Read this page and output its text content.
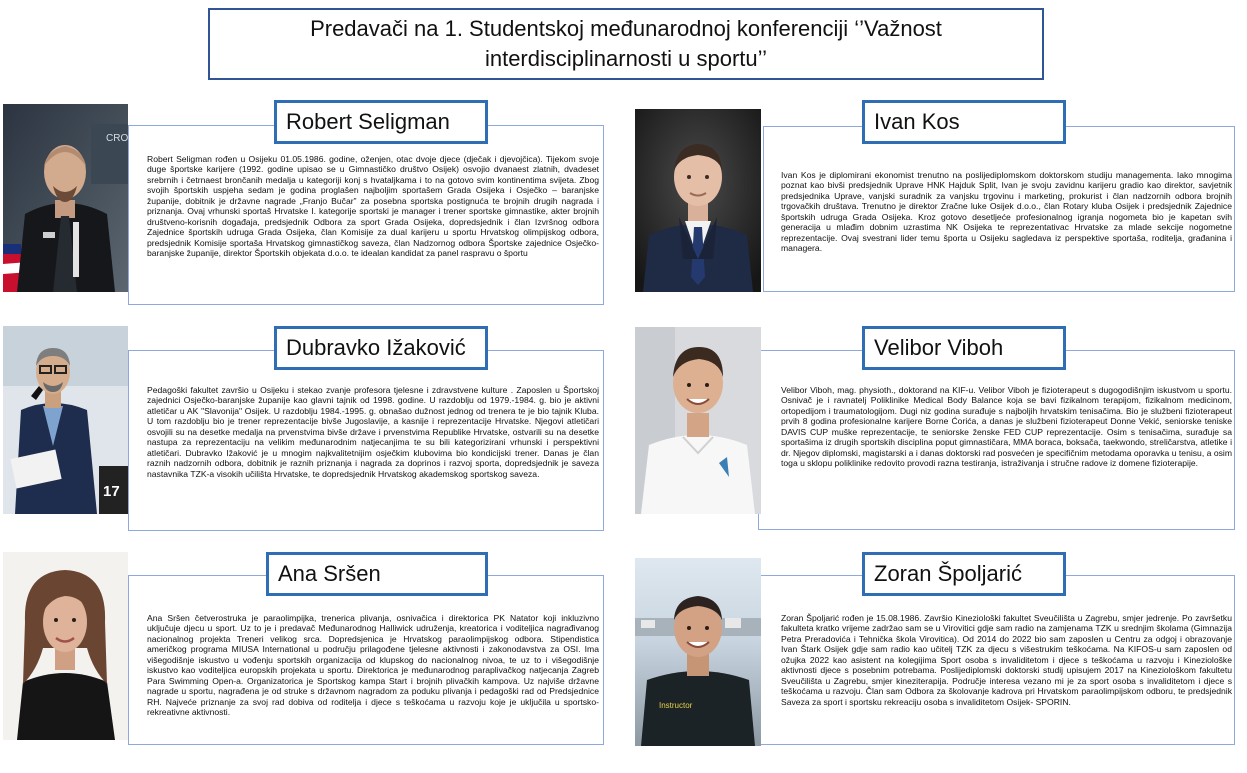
Predavači na 1. Studentskoj međunarodnoj konferenciji ‘’Važnost
interdisciplinarnosti u sportu’’
CRO
Robert Seligman
Robert Seligman rođen u Osijeku 01.05.1986. godine, oženjen, otac dvoje djece (dječak i djevojčica). Tijekom svoje duge športske karijere (1992. godine upisao se u Gimnastičko društvo Osijek) osvojio dvanaest zlatnih, dvadeset srebrnih i četrnaest brončanih medalja u kategoriji konj s hvataljkama i to na gotovo svim kontinentima svijeta. Zbog svojih športskih uspjeha sedam je godina proglašen najboljim sportašem Grada Osijeka i Osječko – baranjske županije, dobitnik je državne nagrade „Franjo Bučar” za posebna sportska postignuća te brojnih drugih nagrada i priznanja. Ovaj vrhunski sportaš Hrvatske I. kategorije sportski je manager i trener sportske gimnastike, akter brojnih društveno-korisnih događaja, predsjednik Odbora za sport Grada Osijeka, dopredsjednik i član Izvršnog odbora Zajednice športskih udruga Grada Osijeka, član Komisije za dual karijeru u sportu Hrvatskog olimpijskog odbora, predsjednik Komisije sportaša Hrvatskog gimnastičkog saveza, član Nadzornog odbora Športske zajednice Osječko-baranjske županije, direktor Športskih objekata d.o.o. te idealan kandidat za panel raspravu o športu
Ivan Kos
Ivan Kos je diplomirani ekonomist trenutno na poslijediplomskom doktorskom studiju managementa. Iako mnogima poznat kao bivši predsjednik Uprave HNK Hajduk Split, Ivan je svoju zavidnu karijeru gradio kao direktor, savjetnik predsjednika Uprave, vanjski suradnik za vanjsku trgovinu i marketing, prokurist i član nadzornih odbora brojnih trgovačkih društava. Trenutno je direktor Zračne luke Osijek d.o.o., član Rotary kluba Osijek i predsjednik Zajednice športskih udruga Grada Osijeka. Kroz gotovo desetljeće profesionalnog igranja nogometa bio je kapetan svih generacija u mlađim dobnim uzrastima NK Osijeka te reprezentativac Hrvatske za mlade sekcije nogometne reprezentacije. Ovaj svestrani lider temu športa u Osijeku sagledava iz perspektive sportaša, roditelja, građanina i managera.
17
Dubravko Ižaković
Pedagoški fakultet završio u Osijeku i stekao zvanje profesora tjelesne i zdravstvene kulture . Zaposlen u Športskoj zajednici Osječko-baranjske županije kao glavni tajnik od 1998. godine. U razdoblju od 1979.-1984. g. bio je aktivni atletičar u AK "Slavonija" Osijek. U razdoblju 1984.-1995. g. obnašao dužnost jednog od trenera te je bio tajnik Kluba. U tom razdoblju bio je trener reprezentacije bivše Jugoslavije, a kasnije i reprezentacije Hrvatske. Njegovi atletičari osvojili su na desetke medalja na prvenstvima bivše države i prvenstvima Republike Hrvatske, ostvarili su na desetke nastupa za reprezentaciju na velikim međunarodnim natjecanjima te su bili kategorizirani vrhunski i perspektivni atletičari. Dubravko Ižaković je u mnogim najkvalitetnijim osječkim klubovima bio kondicijski trener. Danas je član raznih nadzornih odbora, dobitnik je raznih priznanja i nagrada za doprinos i razvoj sporta, dopredsjednik je saveza nastavnika TZK-a visokih učilišta Hrvatske, te dopredsjednik Hrvatskog akademskog sportskog saveza.
Velibor Viboh
Velibor Viboh, mag. physioth., doktorand na KIF-u. Velibor Viboh je fizioterapeut s dugogodišnjim iskustvom u sportu. Osnivač je i ravnatelj Poliklinike Medical Body Balance koja se bavi fizikalnom terapijom, fizikalnom medicinom, ortopedijom i traumatologijom. Dugi niz godina surađuje s najboljih hrvatskim tenisačima. Bio je službeni fizioterapeut prvih 8 godina profesionalne karijere Borne Ćorića, a danas je službeni fizioterapeut Donne Vekić, seniorske teniske DAVIS CUP muške reprezentacije, te seniorske ženske FED CUP reprezentacije. Osim s tenisačima, surađuje sa sportašima iz drugih sportskih disciplina poput gimnastičara, MMA boraca, boksača, taekwondo, streličarstva, atletike i dr. Njegov diplomski, magistarski a i danas doktorski rad posvećen je specifičnim metodama oporavka u tenisu, a osim toga u sklopu poliklinike redovito provodi razna testiranja, istraživanja i stručne radove iz domene fizioterapije.
Ana Sršen
Ana Sršen četverostruka je paraolimpijka, trenerica plivanja, osnivačica i direktorica PK Natator koji inkluzivno uključuje djecu u sport. Uz to je i predavač Međunarodnog Halliwick udruženja, kreatorica i voditeljica nagrađivanog nacionalnog projekta Treneri velikog srca. Dopredsjenica je Hrvatskog paraolimpijskog odbora. Stipendistica američkog programa MIUSA International u području prilagođene tjelesne aktivnosti i zakonodavstva za OSI. Ima višegodišnje iskustvo u vođenju sportskih organizacija od klupskog do nacionalnog nivoa, te uz to i višegodišnje iskustvo kao voditeljica europskih projekata u sportu. Direktorica je međunarodnog paraplivačkog natjecanja Zagreb Para Swimming Open-a. Organizatorica je Sportskog kampa Start i brojnih plivačkih kampova. Uz najviše državne nagrade u sportu, nagrađena je od struke s državnom nagradom za poduku plivanja i pedagoški rad od Predsjednice RH. Najveće priznanje za svoj rad dobiva od roditelja i djece s teškoćama u razvoju koje je uključila u sportsko-rekreativne aktivnosti.
Instructor
Zoran Špoljarić
Zoran Špoljarić rođen je 15.08.1986. Završio Kineziološki fakultet Sveučilišta u Zagrebu, smjer jedrenje. Po završetku fakulteta kratko vrijeme zadržao sam se u Virovitici gdje sam radio na zamjenama TZK u srednjim školama (Gimnazija Petra Preradovića i Tehnička škola Virovitica). Od 2014 do 2022 bio sam zaposlen u Centru za odgoj i obrazovanje Ivan Štark Osijek gdje sam radio kao učitelj TZK za djecu s višestrukim teškoćama. Na KIFOS-u sam zaposlen od ožujka 2022 kao asistent na kolegijima Sport osoba s invaliditetom i djece s teškoćama u razvoju i Kineziološke aktivnosti djece s posebnim potrebama. Poslijediplomski doktorski studij upisujem 2017 na Kineziološkom fakultetu Sveučilišta u Zagrebu, smjer kineziterapija. Područje interesa vezano mi je za sport osoba s invaliditetom i djece s teškoćama u razvoju. Član sam Odbora za školovanje kadrova pri Hrvatskom paraolimpijskom odboru, te predsjednik Saveza za sport i sportsku rekreaciju osoba s invaliditetom Osijek- SPORIN.
